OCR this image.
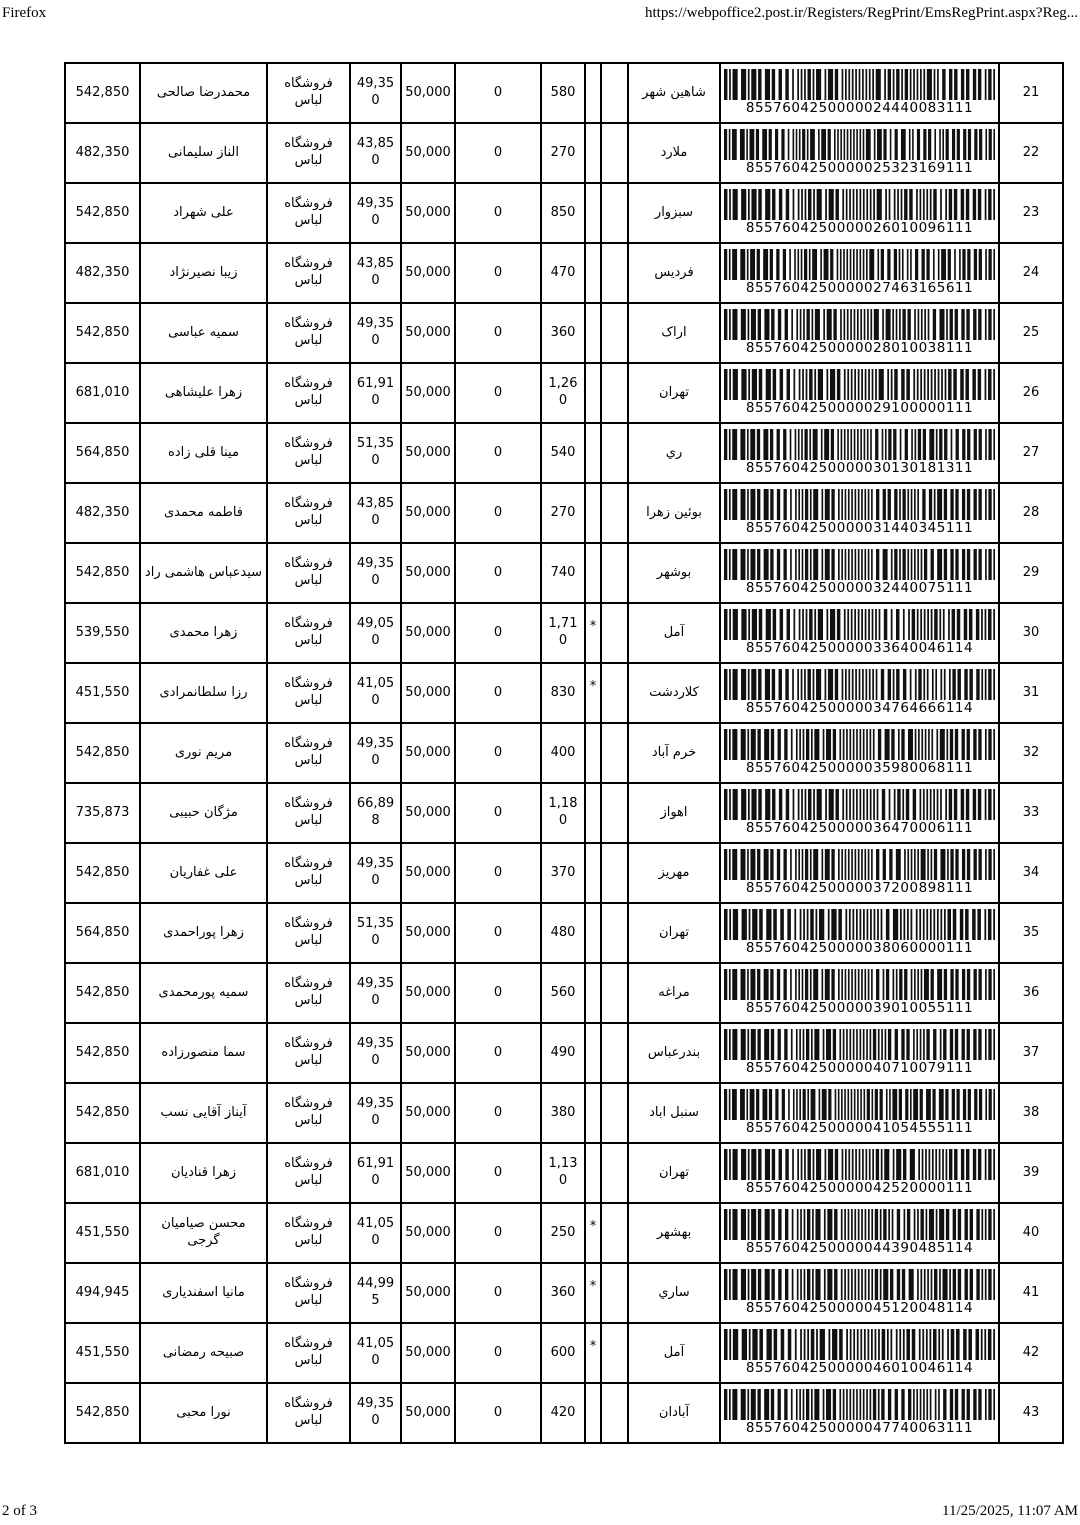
Firefox	https://webpoffice2.post.ir/Registers/RegPrint/EmsRegPrint.aspx?Reg...
542,850	محمدرضا صالحی	فروشگاه لباس	49,350	50,000	0	580			شاهین شهر	8557604250000024440083111	21
482,350	الناز سلیمانی	فروشگاه لباس	43,850	50,000	0	270			ملارد	8557604250000025323169111	22
542,850	علی شهراد	فروشگاه لباس	49,350	50,000	0	850			سبزوار	8557604250000026010096111	23
482,350	زیبا نصیرنژاد	فروشگاه لباس	43,850	50,000	0	470			فردیس	8557604250000027463165611	24
542,850	سمیه عباسی	فروشگاه لباس	49,350	50,000	0	360			اراک	8557604250000028010038111	25
681,010	زهرا علیشاهی	فروشگاه لباس	61,910	50,000	0	1,260			تهران	8557604250000029100000111	26
564,850	مینا قلی زاده	فروشگاه لباس	51,350	50,000	0	540			ري	8557604250000030130181311	27
482,350	فاطمه محمدی	فروشگاه لباس	43,850	50,000	0	270			بوئین زهرا	8557604250000031440345111	28
542,850	سیدعباس هاشمی راد	فروشگاه لباس	49,350	50,000	0	740			بوشهر	8557604250000032440075111	29
539,550	زهرا محمدی	فروشگاه لباس	49,050	50,000	0	1,710	*		آمل	8557604250000033640046114	30
451,550	رزا سلطانمرادی	فروشگاه لباس	41,050	50,000	0	830	*		کلاردشت	8557604250000034764666114	31
542,850	مریم نوری	فروشگاه لباس	49,350	50,000	0	400			خرم آباد	8557604250000035980068111	32
735,873	مژگان حبیبی	فروشگاه لباس	66,898	50,000	0	1,180			اهواز	8557604250000036470006111	33
542,850	علی غفاریان	فروشگاه لباس	49,350	50,000	0	370			مهریز	8557604250000037200898111	34
564,850	زهرا پوراحمدی	فروشگاه لباس	51,350	50,000	0	480			تهران	8557604250000038060000111	35
542,850	سمیه پورمحمدی	فروشگاه لباس	49,350	50,000	0	560			مراغه	8557604250000039010055111	36
542,850	سما منصورزاده	فروشگاه لباس	49,350	50,000	0	490			بندرعباس	8557604250000040710079111	37
542,850	آیناز آقایی نسب	فروشگاه لباس	49,350	50,000	0	380			سنبل اباد	8557604250000041054555111	38
681,010	زهرا قنادیان	فروشگاه لباس	61,910	50,000	0	1,130			تهران	8557604250000042520000111	39
451,550	محسن صیامیان گرجی	فروشگاه لباس	41,050	50,000	0	250	*		بهشهر	8557604250000044390485114	40
494,945	مانیا اسفندیاری	فروشگاه لباس	44,995	50,000	0	360	*		ساري	8557604250000045120048114	41
451,550	صبیحه رمضانی	فروشگاه لباس	41,050	50,000	0	600	*		آمل	8557604250000046010046114	42
542,850	نورا محبی	فروشگاه لباس	49,350	50,000	0	420			آبادان	8557604250000047740063111	43
2 of 3	11/25/2025, 11:07 AM
